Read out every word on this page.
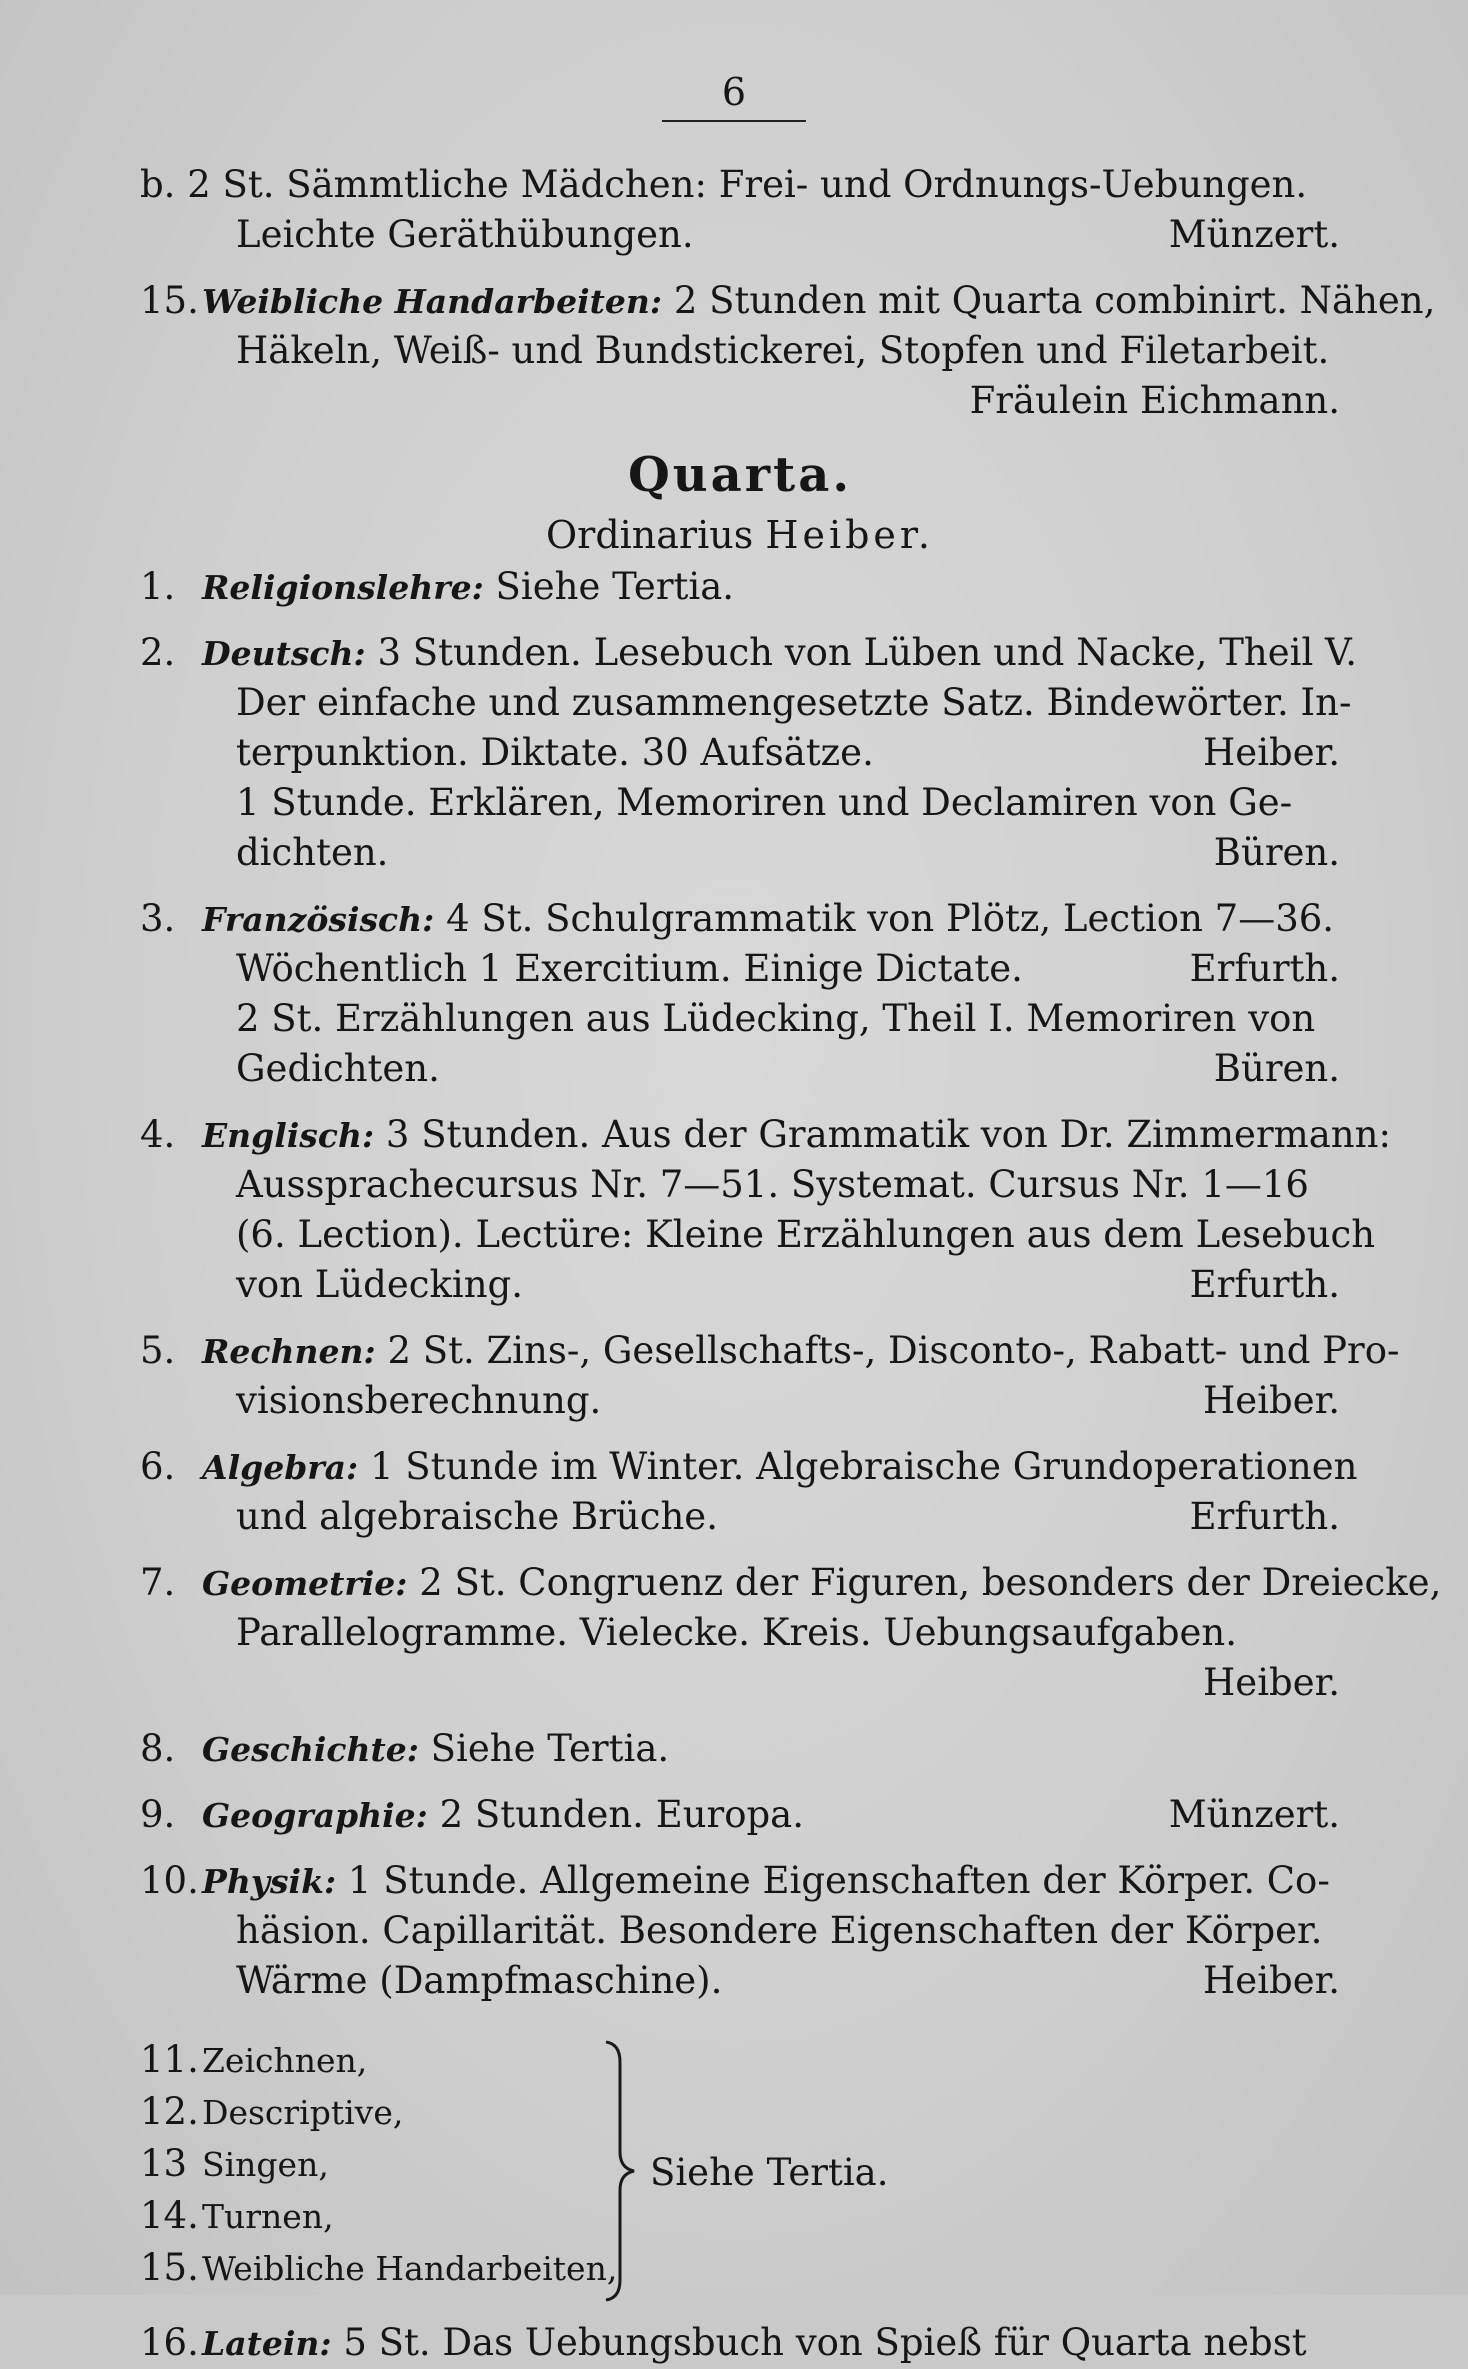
6
b. 2 St. Sämmtliche Mädchen: Frei- und Ordnungs-Uebungen.
Leichte Geräthübungen.	Münzert.
15.Weibliche Handarbeiten: 2 Stunden mit Quarta combinirt. Nähen,
Häkeln, Weiß- und Bundstickerei, Stopfen und Filetarbeit.
Fräulein Eichmann.
Quarta.
Ordinarius Heiber.
1. Religionslehre: Siehe Tertia.
2. Deutsch: 3 Stunden. Lesebuch von Lüben und Nacke, Theil V.
Der einfache und zusammengesetzte Satz. Bindewörter. In-
terpunktion. Diktate. 30 Aufsätze.	Heiber.
1 Stunde. Erklären, Memoriren und Declamiren von Ge-
dichten.	Büren.
3. Französisch: 4 St. Schulgrammatik von Plötz, Lection 7—36.
Wöchentlich 1 Exercitium. Einige Dictate.	Erfurth.
2 St. Erzählungen aus Lüdecking, Theil I. Memoriren von
Gedichten.	Büren.
4. Englisch: 3 Stunden. Aus der Grammatik von Dr. Zimmermann:
Aussprachecursus Nr. 7—51. Systemat. Cursus Nr. 1—16
(6. Lection). Lectüre: Kleine Erzählungen aus dem Lesebuch
von Lüdecking.	Erfurth.
5. Rechnen: 2 St. Zins-, Gesellschafts-, Disconto-, Rabatt- und Pro-
visionsberechnung.	Heiber.
6. Algebra: 1 Stunde im Winter. Algebraische Grundoperationen
und algebraische Brüche.	Erfurth.
7. Geometrie: 2 St. Congruenz der Figuren, besonders der Dreiecke,
Parallelogramme. Vielecke. Kreis. Uebungsaufgaben.
Heiber.
8. Geschichte: Siehe Tertia.
9. Geographie: 2 Stunden. Europa.	Münzert.
10.Physik: 1 Stunde. Allgemeine Eigenschaften der Körper. Co-
häsion. Capillarität. Besondere Eigenschaften der Körper.
Wärme (Dampfmaschine).	Heiber.
11.Zeichnen,
12.Descriptive,
13 Singen,
14.Turnen,
15.Weibliche Handarbeiten,
Siehe Tertia.
16.Latein: 5 St. Das Uebungsbuch von Spieß für Quarta nebst
